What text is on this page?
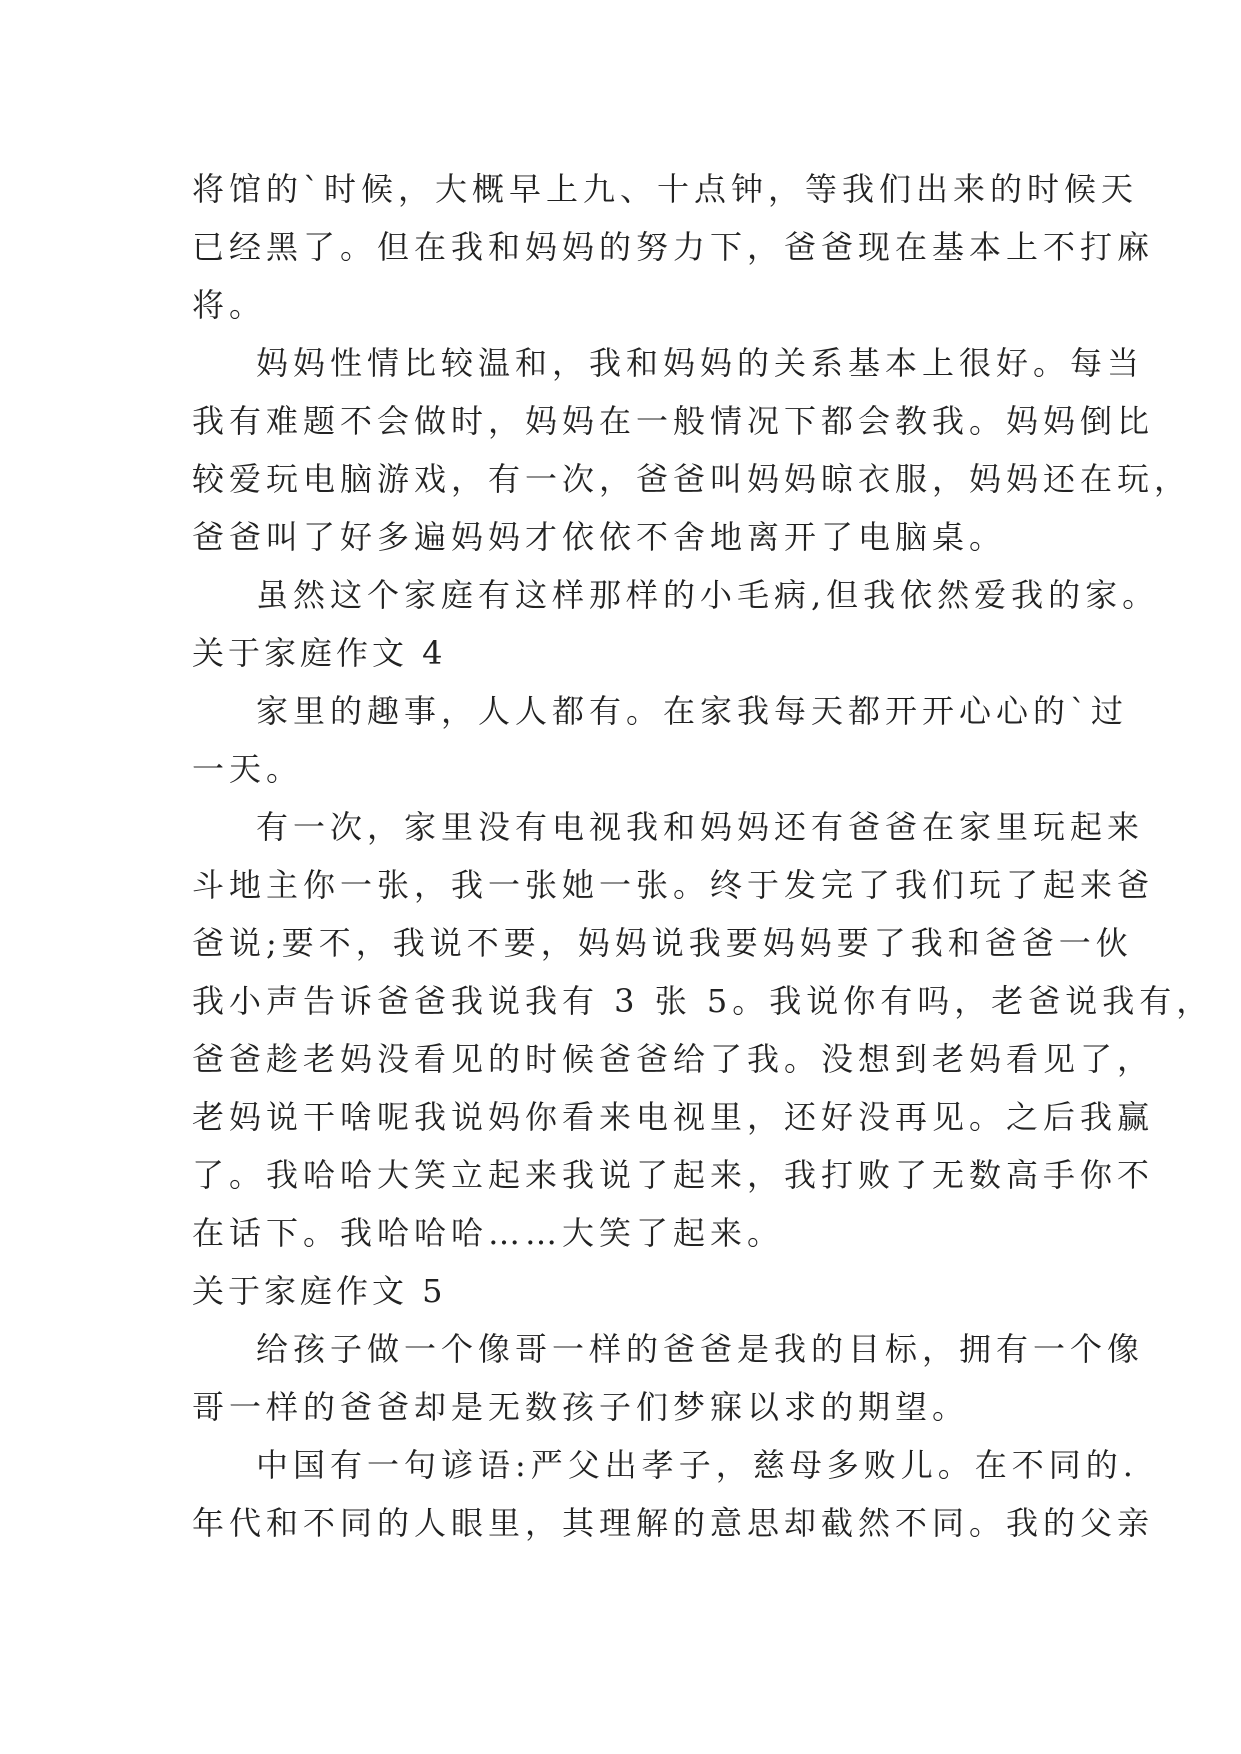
将馆的`时候，大概早上九、十点钟，等我们出来的时候天
已经黑了。但在我和妈妈的努力下，爸爸现在基本上不打麻
将。
妈妈性情比较温和，我和妈妈的关系基本上很好。每当
我有难题不会做时，妈妈在一般情况下都会教我。妈妈倒比
较爱玩电脑游戏，有一次，爸爸叫妈妈晾衣服，妈妈还在玩，
爸爸叫了好多遍妈妈才依依不舍地离开了电脑桌。
虽然这个家庭有这样那样的小毛病,但我依然爱我的家。
关于家庭作文 4
家里的趣事，人人都有。在家我每天都开开心心的`过
一天。
有一次，家里没有电视我和妈妈还有爸爸在家里玩起来
斗地主你一张，我一张她一张。终于发完了我们玩了起来爸
爸说;要不，我说不要，妈妈说我要妈妈要了我和爸爸一伙
我小声告诉爸爸我说我有 3 张 5。我说你有吗，老爸说我有，
爸爸趁老妈没看见的时候爸爸给了我。没想到老妈看见了，
老妈说干啥呢我说妈你看来电视里，还好没再见。之后我赢
了。我哈哈大笑立起来我说了起来，我打败了无数高手你不
在话下。我哈哈哈……大笑了起来。
关于家庭作文 5
给孩子做一个像哥一样的爸爸是我的目标，拥有一个像
哥一样的爸爸却是无数孩子们梦寐以求的期望。
中国有一句谚语:严父出孝子，慈母多败儿。在不同的.
年代和不同的人眼里，其理解的意思却截然不同。我的父亲
